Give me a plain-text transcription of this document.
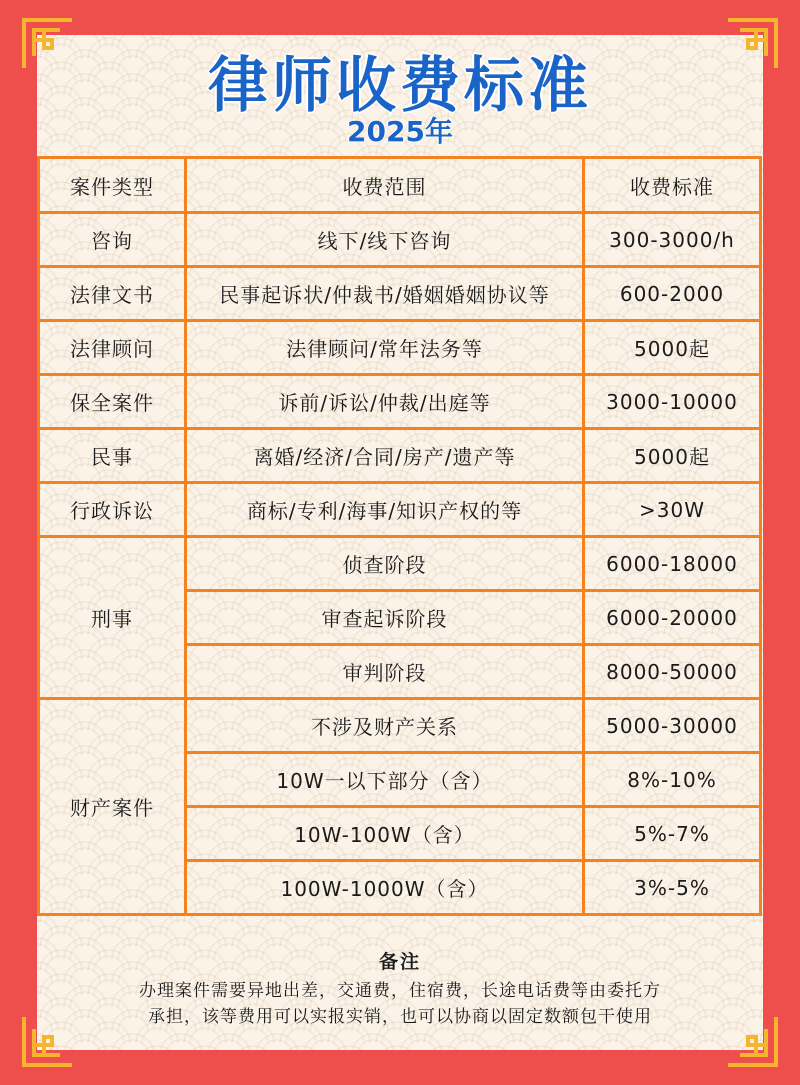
律师收费标准
2025年
案件类型	收费范围	收费标准
咨询	线下/线下咨询	300-3000/h
法律文书	民事起诉状/仲裁书/婚姻婚姻协议等	600-2000
法律顾问	法律顾问/常年法务等	5000起
保全案件	诉前/诉讼/仲裁/出庭等	3000-10000
民事	离婚/经济/合同/房产/遗产等	5000起
行政诉讼	商标/专利/海事/知识产权的等	>30W
刑事	侦查阶段	6000-18000
	审查起诉阶段	6000-20000
	审判阶段	8000-50000
财产案件	不涉及财产关系	5000-30000
	10W一以下部分（含）	8%-10%
	10W-100W（含）	5%-7%
	100W-1000W（含）	3%-5%
备注
办理案件需要异地出差，交通费，住宿费，长途电话费等由委托方
承担，该等费用可以实报实销，也可以协商以固定数额包干使用
